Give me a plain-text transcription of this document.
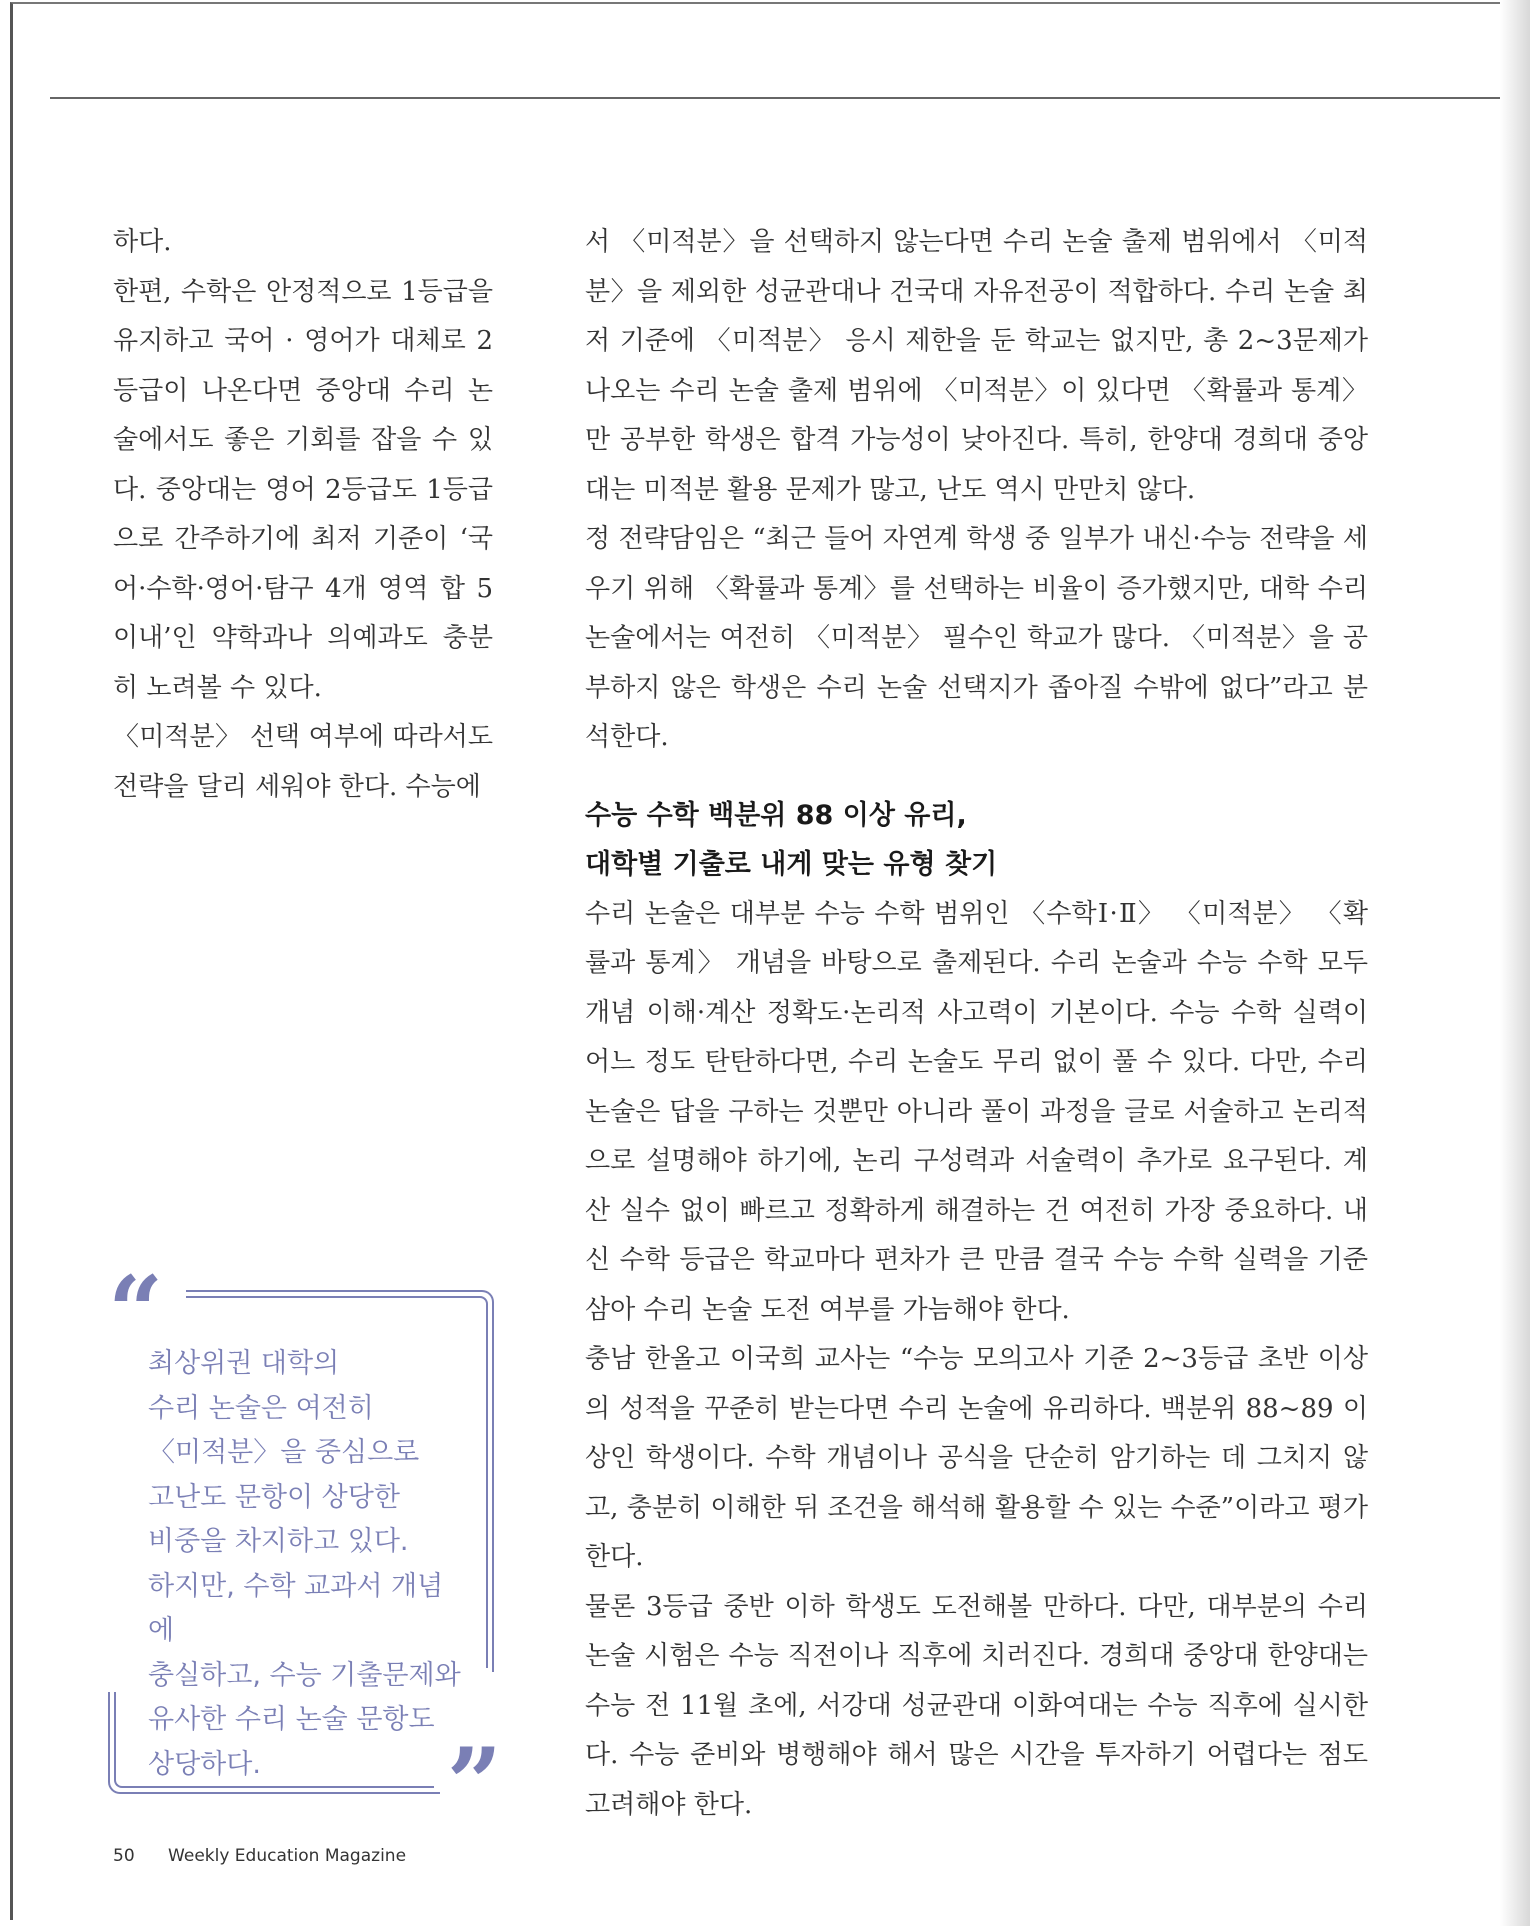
하다.

한편, 수학은 안정적으로 1등급을 유지하고 국어 · 영어가 대체로 2등급이 나온다면 중앙대 수리 논술에서도 좋은 기회를 잡을 수 있다. 중앙대는 영어 2등급도 1등급으로 간주하기에 최저 기준이 ‘국어·수학·영어·탐구 4개 영역 합 5 이내’인 약학과나 의예과도 충분히 노려볼 수 있다.

〈미적분〉 선택 여부에 따라서도 전략을 달리 세워야 한다. 수능에

서 〈미적분〉을 선택하지 않는다면 수리 논술 출제 범위에서 〈미적분〉을 제외한 성균관대나 건국대 자유전공이 적합하다. 수리 논술 최저 기준에 〈미적분〉 응시 제한을 둔 학교는 없지만, 총 2~3문제가 나오는 수리 논술 출제 범위에 〈미적분〉이 있다면 〈확률과 통계〉만 공부한 학생은 합격 가능성이 낮아진다. 특히, 한양대 경희대 중앙대는 미적분 활용 문제가 많고, 난도 역시 만만치 않다.

정 전략담임은 “최근 들어 자연계 학생 중 일부가 내신·수능 전략을 세우기 위해 〈확률과 통계〉를 선택하는 비율이 증가했지만, 대학 수리 논술에서는 여전히 〈미적분〉 필수인 학교가 많다. 〈미적분〉을 공부하지 않은 학생은 수리 논술 선택지가 좁아질 수밖에 없다”라고 분석한다.

수능 수학 백분위 88 이상 유리,
대학별 기출로 내게 맞는 유형 찾기

수리 논술은 대부분 수능 수학 범위인 〈수학Ⅰ·Ⅱ〉 〈미적분〉 〈확률과 통계〉 개념을 바탕으로 출제된다. 수리 논술과 수능 수학 모두 개념 이해·계산 정확도·논리적 사고력이 기본이다. 수능 수학 실력이 어느 정도 탄탄하다면, 수리 논술도 무리 없이 풀 수 있다. 다만, 수리 논술은 답을 구하는 것뿐만 아니라 풀이 과정을 글로 서술하고 논리적으로 설명해야 하기에, 논리 구성력과 서술력이 추가로 요구된다. 계산 실수 없이 빠르고 정확하게 해결하는 건 여전히 가장 중요하다. 내신 수학 등급은 학교마다 편차가 큰 만큼 결국 수능 수학 실력을 기준 삼아 수리 논술 도전 여부를 가늠해야 한다.

충남 한올고 이국희 교사는 “수능 모의고사 기준 2~3등급 초반 이상의 성적을 꾸준히 받는다면 수리 논술에 유리하다. 백분위 88~89 이상인 학생이다. 수학 개념이나 공식을 단순히 암기하는 데 그치지 않고, 충분히 이해한 뒤 조건을 해석해 활용할 수 있는 수준”이라고 평가한다.

물론 3등급 중반 이하 학생도 도전해볼 만하다. 다만, 대부분의 수리 논술 시험은 수능 직전이나 직후에 치러진다. 경희대 중앙대 한양대는 수능 전 11월 초에, 서강대 성균관대 이화여대는 수능 직후에 실시한다. 수능 준비와 병행해야 해서 많은 시간을 투자하기 어렵다는 점도 고려해야 한다.

“

최상위권 대학의

수리 논술은 여전히

〈미적분〉을 중심으로

고난도 문항이 상당한

비중을 차지하고 있다.

하지만, 수학 교과서 개념에

충실하고, 수능 기출문제와

유사한 수리 논술 문항도

상당하다.	”
50 Weekly Education Magazine
